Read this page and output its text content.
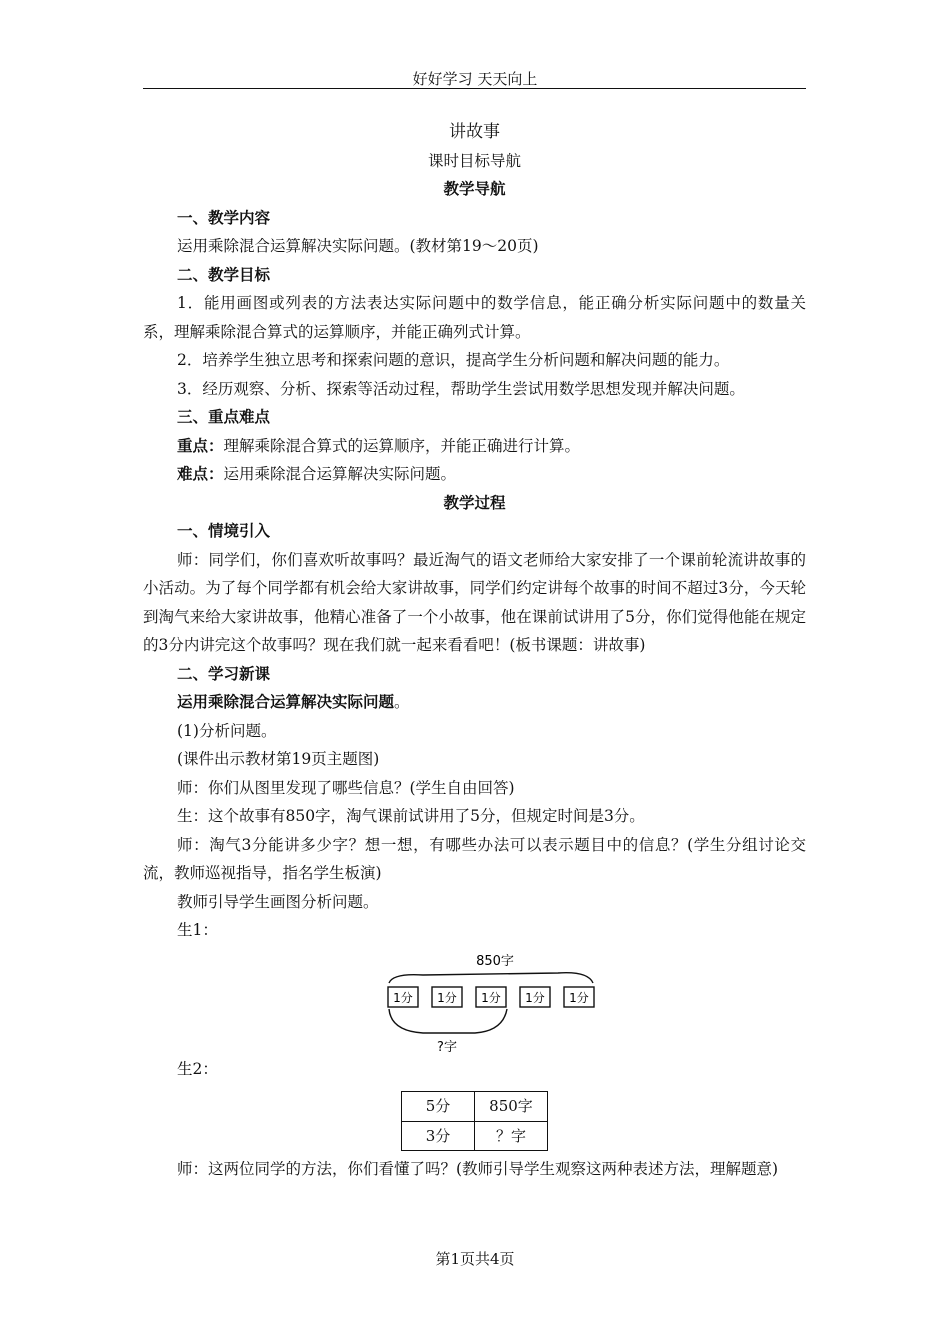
好好学习 天天向上
讲故事
课时目标导航
教学导航
一、教学内容
运用乘除混合运算解决实际问题。(教材第19～20页)
二、教学目标

1．能用画图或列表的方法表达实际问题中的数学信息，能正确分析实际问题中的数量关系，理解乘除混合算式的运算顺序，并能正确列式计算。

2．培养学生独立思考和探索问题的意识，提高学生分析问题和解决问题的能力。

3．经历观察、分析、探索等活动过程，帮助学生尝试用数学思想发现并解决问题。

三、重点难点
重点：理解乘除混合算式的运算顺序，并能正确进行计算。
难点：运用乘除混合运算解决实际问题。
教学过程
一、情境引入

师：同学们，你们喜欢听故事吗？最近淘气的语文老师给大家安排了一个课前轮流讲故事的小活动。为了每个同学都有机会给大家讲故事，同学们约定讲每个故事的时间不超过3分，今天轮到淘气来给大家讲故事，他精心准备了一个小故事，他在课前试讲用了5分，你们觉得他能在规定的3分内讲完这个故事吗？现在我们就一起来看看吧！(板书课题：讲故事)

二、学习新课
运用乘除混合运算解决实际问题。
(1)分析问题。
(课件出示教材第19页主题图)
师：你们从图里发现了哪些信息？(学生自由回答)
生：这个故事有850字，淘气课前试讲用了5分，但规定时间是3分。

师：淘气3分能讲多少字？想一想，有哪些办法可以表示题目中的信息？(学生分组讨论交流，教师巡视指导，指名学生板演)

教师引导学生画图分析问题。
生1：
850字
1分 1分 1分 1分 1分
?字
生2：
5分	850字
3分	？字

师：这两位同学的方法，你们看懂了吗？(教师引导学生观察这两种表述方法，理解题意)

第1页共4页
